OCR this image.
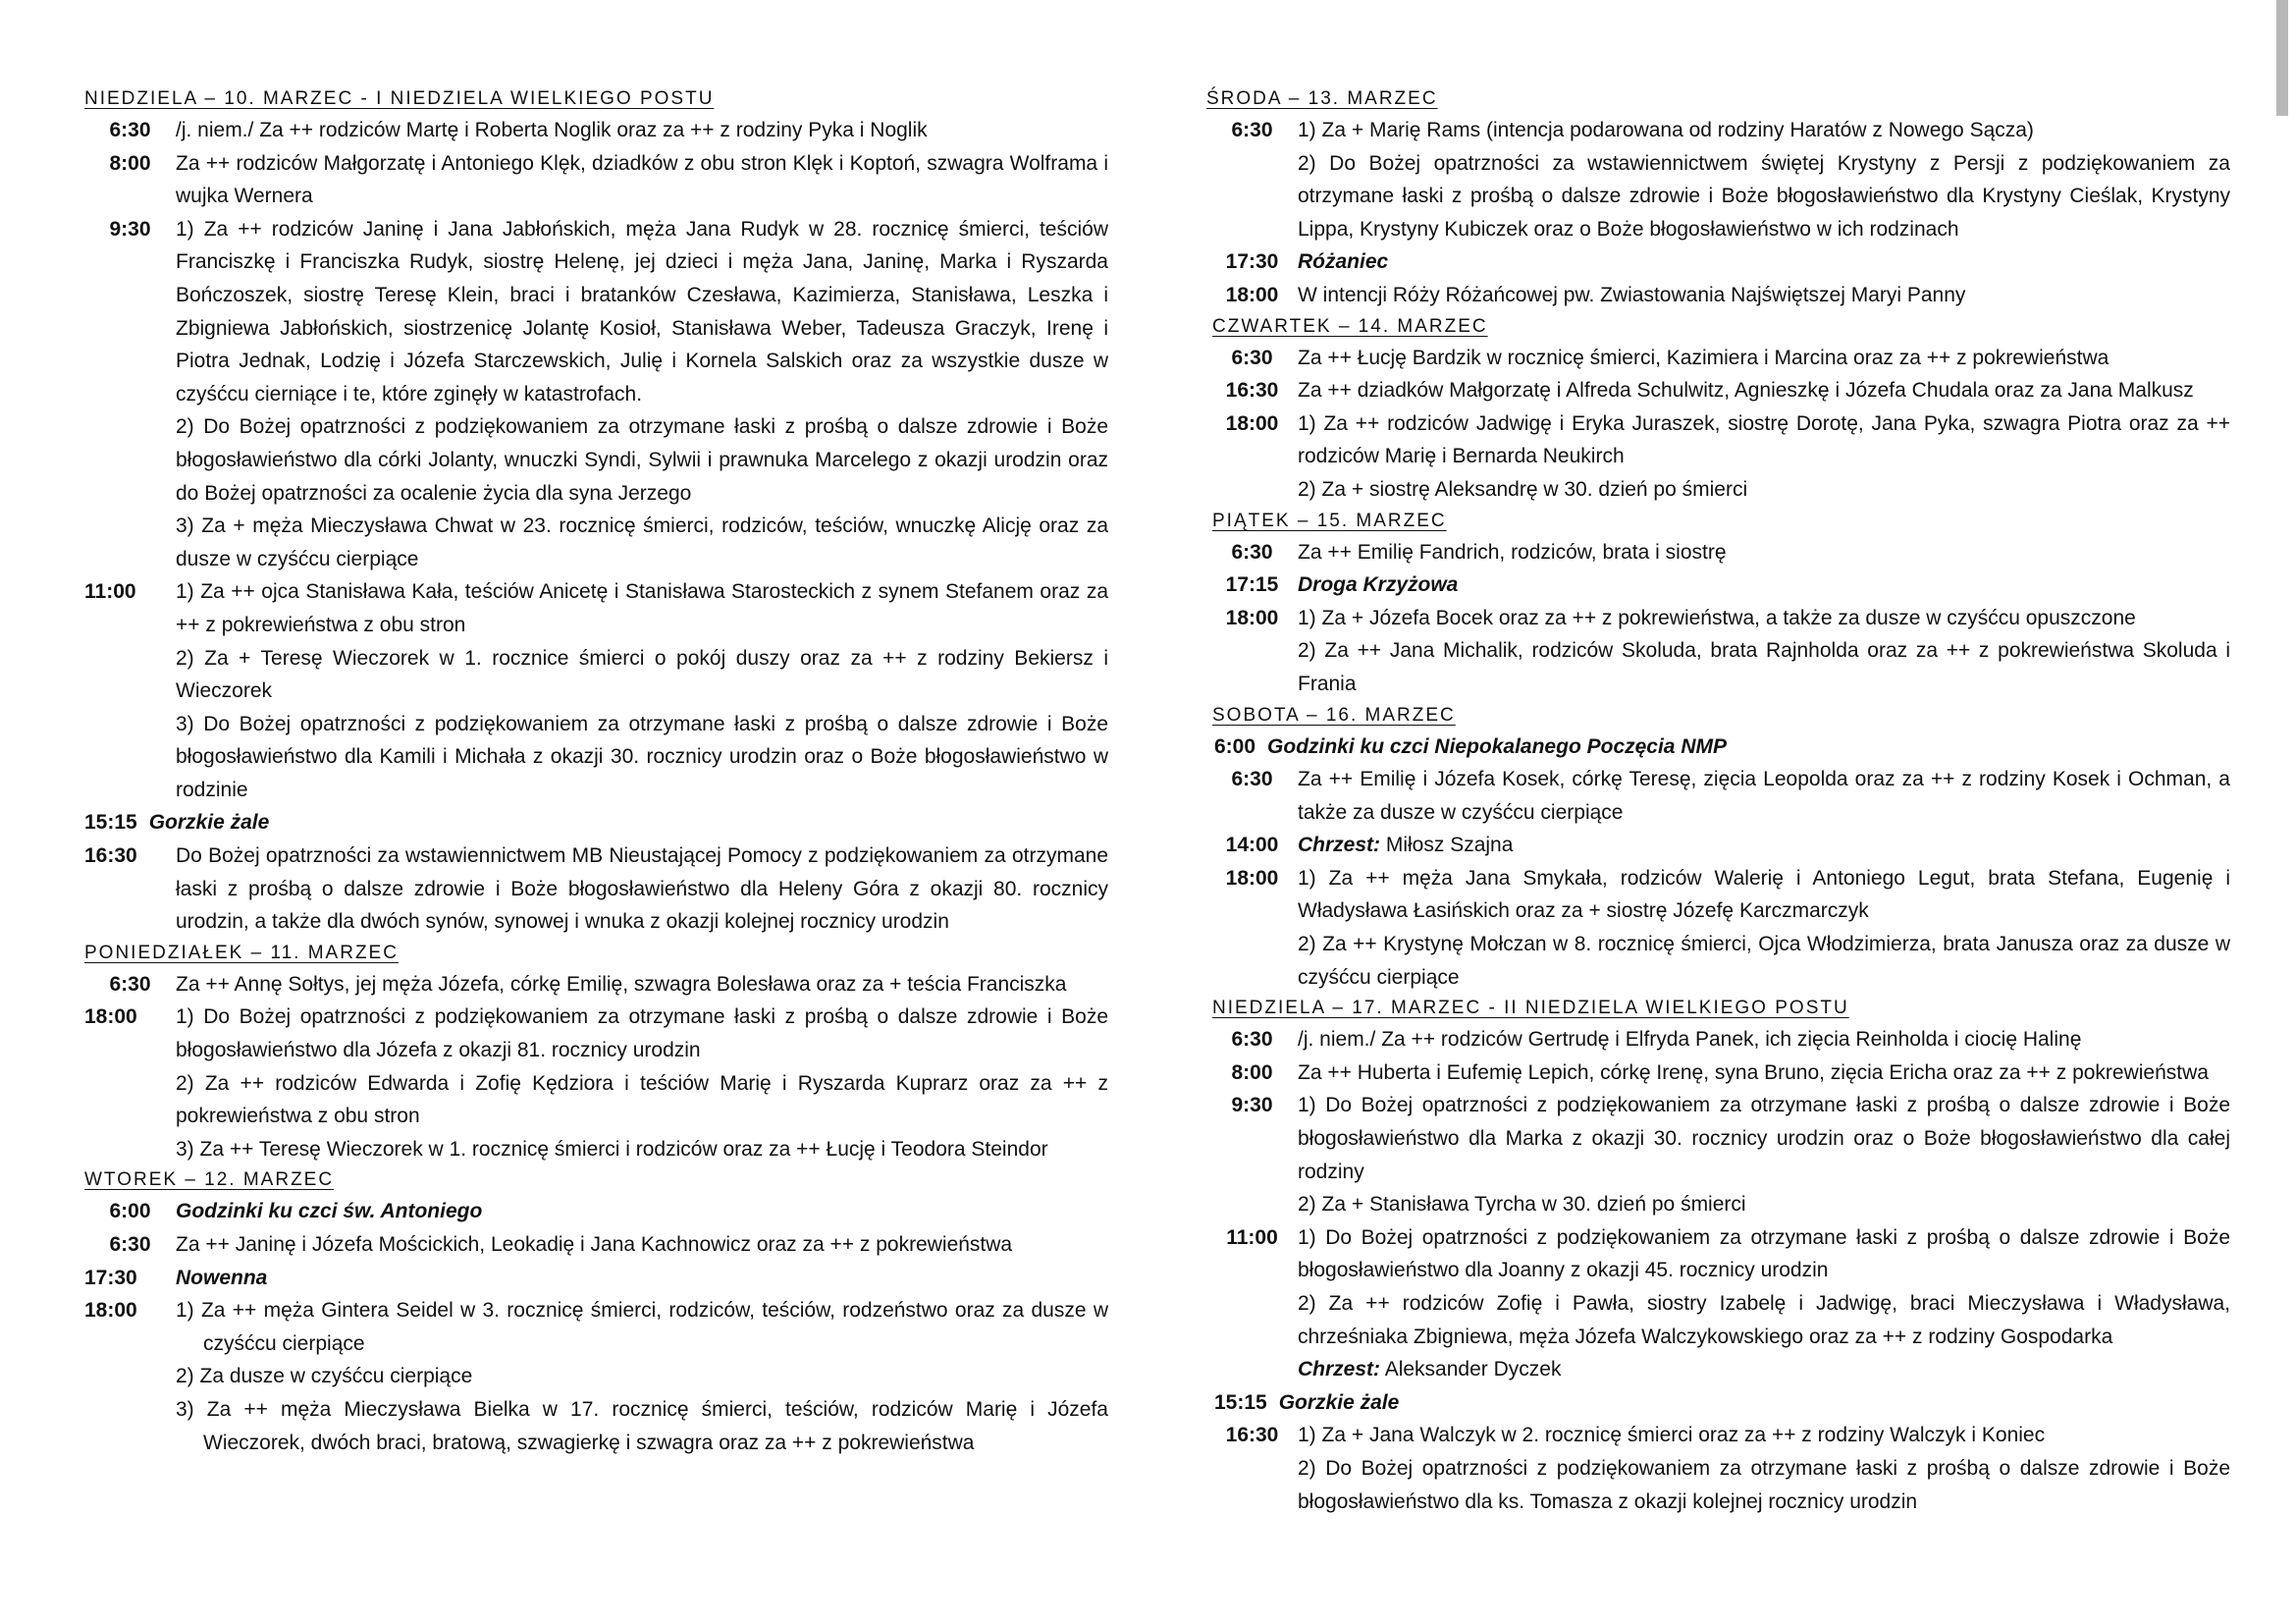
NIEDZIELA – 10. MARZEC - I NIEDZIELA WIELKIEGO POSTU
6:30	/j. niem./ Za ++ rodziców Martę i Roberta Noglik oraz za ++ z rodziny Pyka i Noglik

8:00	Za ++ rodziców Małgorzatę i Antoniego Klęk, dziadków z obu stron Klęk i Koptoń, szwagra Wolframa i wujka Wernera

9:30	1) Za ++ rodziców Janinę i Jana Jabłońskich, męża Jana Rudyk w 28. rocznicę śmierci, teściów Franciszkę i Franciszka Rudyk, siostrę Helenę, jej dzieci i męża Jana, Janinę, Marka i Ryszarda Bończoszek, siostrę Teresę Klein, braci i bratanków Czesława, Kazimierza, Stanisława, Leszka i Zbigniewa Jabłońskich, siostrzenicę Jolantę Kosioł, Stanisława Weber, Tadeusza Graczyk, Irenę i Piotra Jednak, Lodzię i Józefa Starczewskich, Julię i Kornela Salskich oraz za wszystkie dusze w czyśćcu cierniące i te, które zginęły w katastrofach.

2) Do Bożej opatrzności z podziękowaniem za otrzymane łaski z prośbą o dalsze zdrowie i Boże błogosławieństwo dla córki Jolanty, wnuczki Syndi, Sylwii i prawnuka Marcelego z okazji urodzin oraz do Bożej opatrzności za ocalenie życia dla syna Jerzego

3) Za + męża Mieczysława Chwat w 23. rocznicę śmierci, rodziców, teściów, wnuczkę Alicję oraz za dusze w czyśćcu cierpiące

11:00	1) Za ++ ojca Stanisława Kała, teściów Anicetę i Stanisława Starosteckich z synem Stefanem oraz za ++ z pokrewieństwa z obu stron

2) Za + Teresę Wieczorek w 1. rocznice śmierci o pokój duszy oraz za ++ z rodziny Bekiersz i Wieczorek

3) Do Bożej opatrzności z podziękowaniem za otrzymane łaski z prośbą o dalsze zdrowie i Boże błogosławieństwo dla Kamili i Michała z okazji 30. rocznicy urodzin oraz o Boże błogosławieństwo w rodzinie

15:15 Gorzkie żale
16:30	Do Bożej opatrzności za wstawiennictwem MB Nieustającej Pomocy z podziękowaniem za otrzymane łaski z prośbą o dalsze zdrowie i Boże błogosławieństwo dla Heleny Góra z okazji 80. rocznicy urodzin, a także dla dwóch synów, synowej i wnuka z okazji kolejnej rocznicy urodzin

PONIEDZIAŁEK – 11. MARZEC
6:30	Za ++ Annę Sołtys, jej męża Józefa, córkę Emilię, szwagra Bolesława oraz za + teścia Franciszka

18:00	1) Do Bożej opatrzności z podziękowaniem za otrzymane łaski z prośbą o dalsze zdrowie i Boże błogosławieństwo dla Józefa z okazji 81. rocznicy urodzin

2) Za ++ rodziców Edwarda i Zofię Kędziora i teściów Marię i Ryszarda Kuprarz oraz za ++ z pokrewieństwa z obu stron

3) Za ++ Teresę Wieczorek w 1. rocznicę śmierci i rodziców oraz za ++ Łucję i Teodora Steindor

WTOREK – 12. MARZEC
6:00	Godzinki ku czci św. Antoniego

6:30	Za ++ Janinę i Józefa Mościckich, Leokadię i Jana Kachnowicz oraz za ++ z pokrewieństwa

17:30	Nowenna

18:00	1) Za ++ męża Gintera Seidel w 3. rocznicę śmierci, rodziców, teściów, rodzeństwo oraz za dusze w czyśćcu cierpiące

2) Za dusze w czyśćcu cierpiące

3) Za ++ męża Mieczysława Bielka w 17. rocznicę śmierci, teściów, rodziców Marię i Józefa Wieczorek, dwóch braci, bratową, szwagierkę i szwagra oraz za ++ z pokrewieństwa

ŚRODA – 13. MARZEC
6:30	1) Za + Marię Rams (intencja podarowana od rodziny Haratów z Nowego Sącza)

2) Do Bożej opatrzności za wstawiennictwem świętej Krystyny z Persji z podziękowaniem za otrzymane łaski z prośbą o dalsze zdrowie i Boże błogosławieństwo dla Krystyny Cieślak, Krystyny Lippa, Krystyny Kubiczek oraz o Boże błogosławieństwo w ich rodzinach

17:30 Różaniec

18:00 W intencji Róży Różańcowej pw. Zwiastowania Najświętszej Maryi Panny

CZWARTEK – 14. MARZEC
6:30	Za ++ Łucję Bardzik w rocznicę śmierci, Kazimiera i Marcina oraz za ++ z pokrewieństwa

16:30 Za ++ dziadków Małgorzatę i Alfreda Schulwitz, Agnieszkę i Józefa Chudala oraz za Jana Malkusz

18:00 1) Za ++ rodziców Jadwigę i Eryka Juraszek, siostrę Dorotę, Jana Pyka, szwagra Piotra oraz za ++ rodziców Marię i Bernarda Neukirch

2) Za + siostrę Aleksandrę w 30. dzień po śmierci

PIĄTEK – 15. MARZEC
6:30	Za ++ Emilię Fandrich, rodziców, brata i siostrę

17:15 Droga Krzyżowa

18:00 1) Za + Józefa Bocek oraz za ++ z pokrewieństwa, a także za dusze w czyśćcu opuszczone

2) Za ++ Jana Michalik, rodziców Skoluda, brata Rajnholda oraz za ++ z pokrewieństwa Skoluda i Frania

SOBOTA – 16. MARZEC
6:00 Godzinki ku czci Niepokalanego Poczęcia NMP
6:30	Za ++ Emilię i Józefa Kosek, córkę Teresę, zięcia Leopolda oraz za ++ z rodziny Kosek i Ochman, a także za dusze w czyśćcu cierpiące

14:00 Chrzest: Miłosz Szajna

18:00 1) Za ++ męża Jana Smykała, rodziców Walerię i Antoniego Legut, brata Stefana, Eugenię i Władysława Łasińskich oraz za + siostrę Józefę Karczmarczyk

2) Za ++ Krystynę Mołczan w 8. rocznicę śmierci, Ojca Włodzimierza, brata Janusza oraz za dusze w czyśćcu cierpiące

NIEDZIELA – 17. MARZEC - II NIEDZIELA WIELKIEGO POSTU
6:30	/j. niem./ Za ++ rodziców Gertrudę i Elfryda Panek, ich zięcia Reinholda i ciocię Halinę

8:00	Za ++ Huberta i Eufemię Lepich, córkę Irenę, syna Bruno, zięcia Ericha oraz za ++ z pokrewieństwa

9:30	1) Do Bożej opatrzności z podziękowaniem za otrzymane łaski z prośbą o dalsze zdrowie i Boże błogosławieństwo dla Marka z okazji 30. rocznicy urodzin oraz o Boże błogosławieństwo dla całej rodziny

2) Za + Stanisława Tyrcha w 30. dzień po śmierci

11:00 1) Do Bożej opatrzności z podziękowaniem za otrzymane łaski z prośbą o dalsze zdrowie i Boże błogosławieństwo dla Joanny z okazji 45. rocznicy urodzin

2) Za ++ rodziców Zofię i Pawła, siostry Izabelę i Jadwigę, braci Mieczysława i Władysława, chrześniaka Zbigniewa, męża Józefa Walczykowskiego oraz za ++ z rodziny Gospodarka

Chrzest: Aleksander Dyczek

15:15 Gorzkie żale
16:30 1) Za + Jana Walczyk w 2. rocznicę śmierci oraz za ++ z rodziny Walczyk i Koniec

2) Do Bożej opatrzności z podziękowaniem za otrzymane łaski z prośbą o dalsze zdrowie i Boże błogosławieństwo dla ks. Tomasza z okazji kolejnej rocznicy urodzin
